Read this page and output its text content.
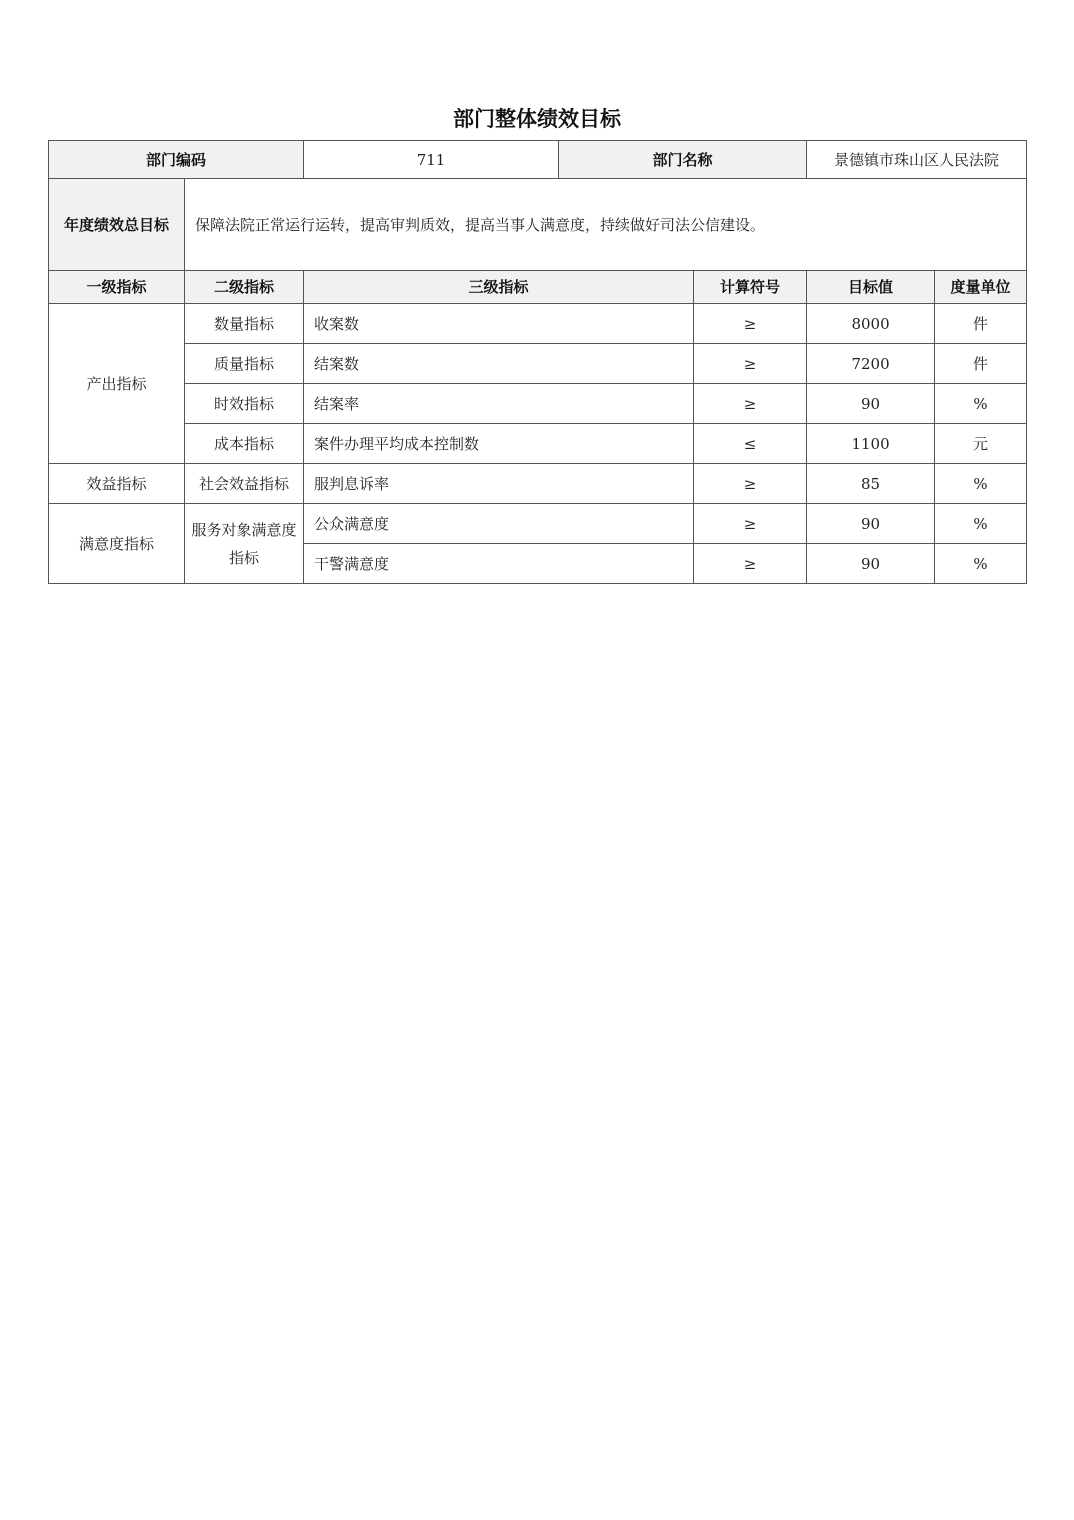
部门整体绩效目标
部门编码		711	部门名称		景德镇市珠山区人民法院	
年度绩效总目标	保障法院正常运行运转，提高审判质效，提高当事人满意度，持续做好司法公信建设。					
一级指标	二级指标	三级指标		计算符号	目标值	度量单位
产出指标	数量指标	收案数		≥	8000	件
	质量指标	结案数		≥	7200	件
	时效指标	结案率		≥	90	%
	成本指标	案件办理平均成本控制数		≤	1100	元
效益指标	社会效益指标	服判息诉率		≥	85	%
满意度指标	服务对象满意度指标	公众满意度		≥	90	%
		干警满意度		≥	90	%
